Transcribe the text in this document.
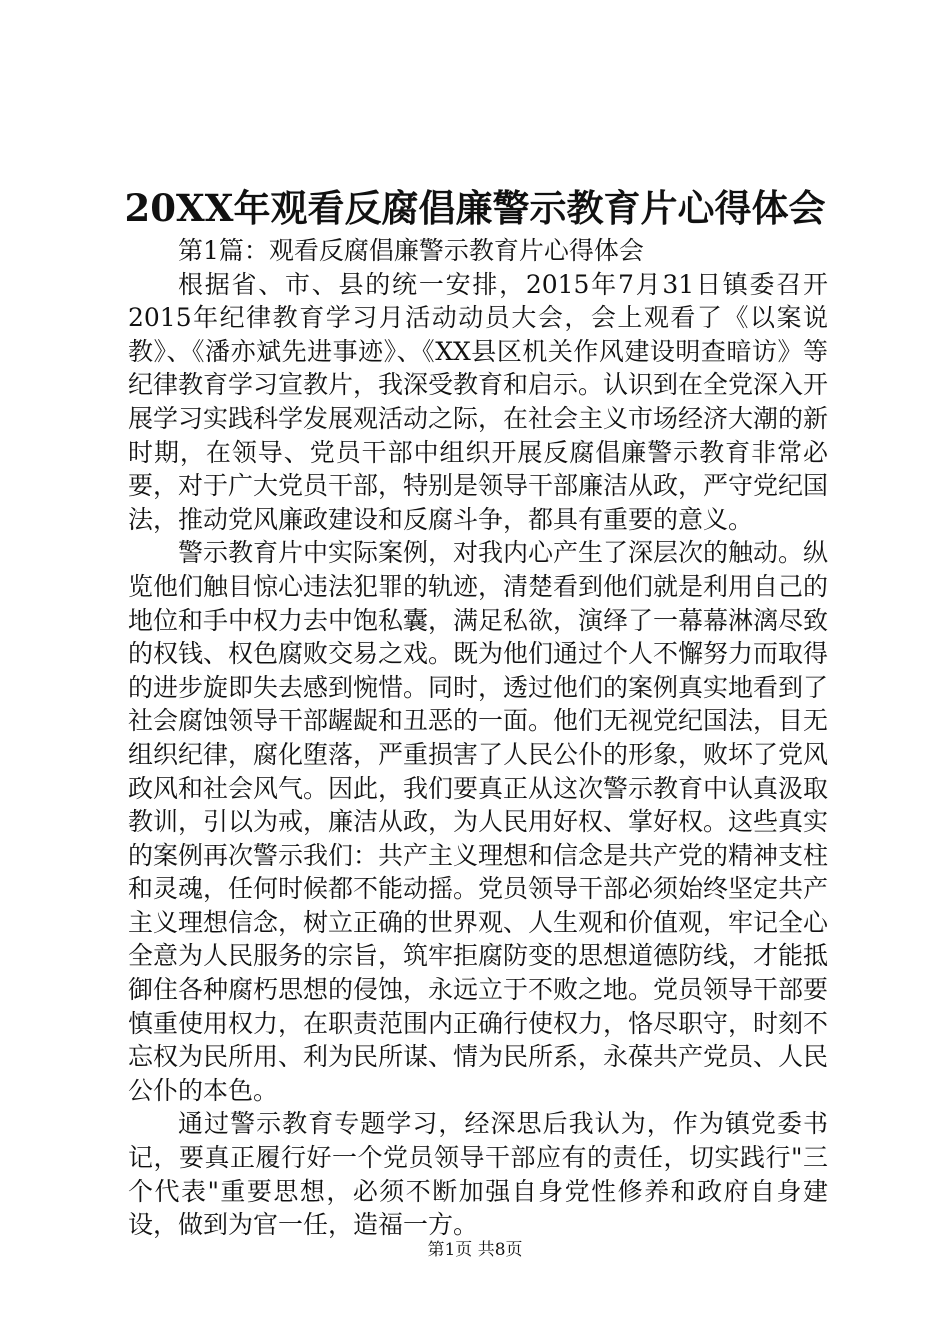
20XX年观看反腐倡廉警示教育片心得体会

第1篇：观看反腐倡廉警示教育片心得体会

根据省、市、县的统一安排，2015年7月31日镇委召开2015年纪律教育学习月活动动员大会，会上观看了《以案说教》、《潘亦斌先进事迹》、《XX县区机关作风建设明查暗访》等纪律教育学习宣教片，我深受教育和启示。认识到在全党深入开展学习实践科学发展观活动之际，在社会主义市场经济大潮的新时期，在领导、党员干部中组织开展反腐倡廉警示教育非常必要，对于广大党员干部，特别是领导干部廉洁从政，严守党纪国法，推动党风廉政建设和反腐斗争，都具有重要的意义。

警示教育片中实际案例，对我内心产生了深层次的触动。纵览他们触目惊心违法犯罪的轨迹，清楚看到他们就是利用自己的地位和手中权力去中饱私囊，满足私欲，演绎了一幕幕淋漓尽致的权钱、权色腐败交易之戏。既为他们通过个人不懈努力而取得的进步旋即失去感到惋惜。同时，透过他们的案例真实地看到了社会腐蚀领导干部龌龊和丑恶的一面。他们无视党纪国法，目无组织纪律，腐化堕落，严重损害了人民公仆的形象，败坏了党风政风和社会风气。因此，我们要真正从这次警示教育中认真汲取教训，引以为戒，廉洁从政，为人民用好权、掌好权。这些真实的案例再次警示我们：共产主义理想和信念是共产党的精神支柱和灵魂，任何时候都不能动摇。党员领导干部必须始终坚定共产主义理想信念，树立正确的世界观、人生观和价值观，牢记全心全意为人民服务的宗旨，筑牢拒腐防变的思想道德防线，才能抵御住各种腐朽思想的侵蚀，永远立于不败之地。党员领导干部要慎重使用权力，在职责范围内正确行使权力，恪尽职守，时刻不忘权为民所用、利为民所谋、情为民所系，永葆共产党员、人民公仆的本色。

通过警示教育专题学习，经深思后我认为，作为镇党委书记，要真正履行好一个党员领导干部应有的责任，切实践行"三个代表"重要思想，必须不断加强自身党性修养和政府自身建设，做到为官一任，造福一方。

第1页 共8页
